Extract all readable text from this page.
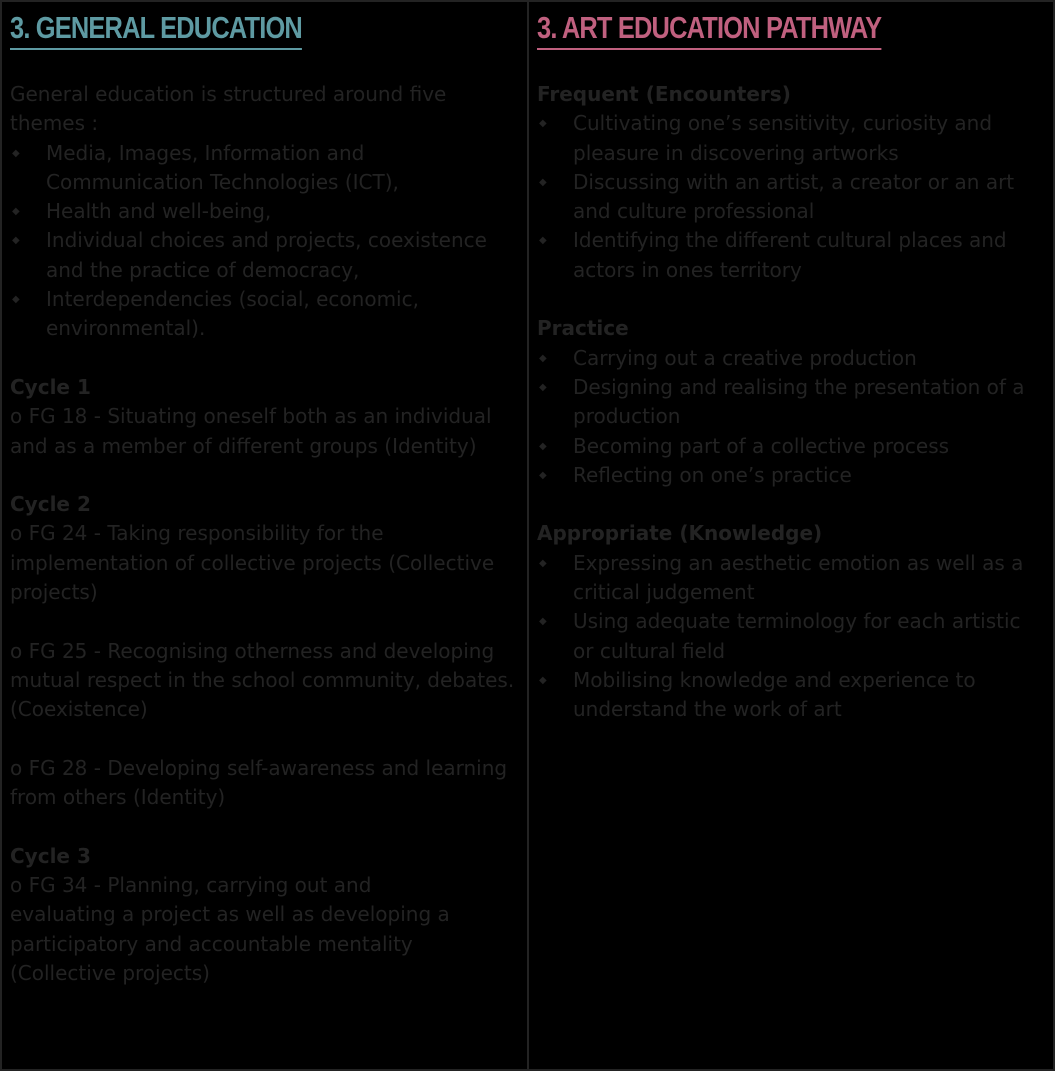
3. GENERAL EDUCATION

General education is structured around five themes :

◆ Media, Images, Information and Communication Technologies (ICT),
◆ Health and well-being,
◆ Individual choices and projects, coexistence and the practice of democracy,
◆ Interdependencies (social, economic, environmental).
Cycle 1

o FG 18 - Situating oneself both as an individual and as a member of different groups (Identity)

Cycle 2

o FG 24 - Taking responsibility for the implementation of collective projects (Collective projects)

o FG 25 - Recognising otherness and developing mutual respect in the school community, debates. (Coexistence)

o FG 28 - Developing self-awareness and learning from others (Identity)

Cycle 3

o FG 34 - Planning, carrying out and evaluating a project as well as developing a participatory and accountable mentality (Collective projects)

3. ART EDUCATION PATHWAY
Frequent (Encounters)
◆ Cultivating one’s sensitivity, curiosity and pleasure in discovering artworks
◆ Discussing with an artist, a creator or an art and culture professional
◆ Identifying the different cultural places and actors in ones territory
Practice
◆ Carrying out a creative production
◆ Designing and realising the presentation of a production
◆ Becoming part of a collective process
◆ Reflecting on one’s practice
Appropriate (Knowledge)
◆ Expressing an aesthetic emotion as well as a critical judgement
◆ Using adequate terminology for each artistic or cultural field
◆ Mobilising knowledge and experience to understand the work of art
